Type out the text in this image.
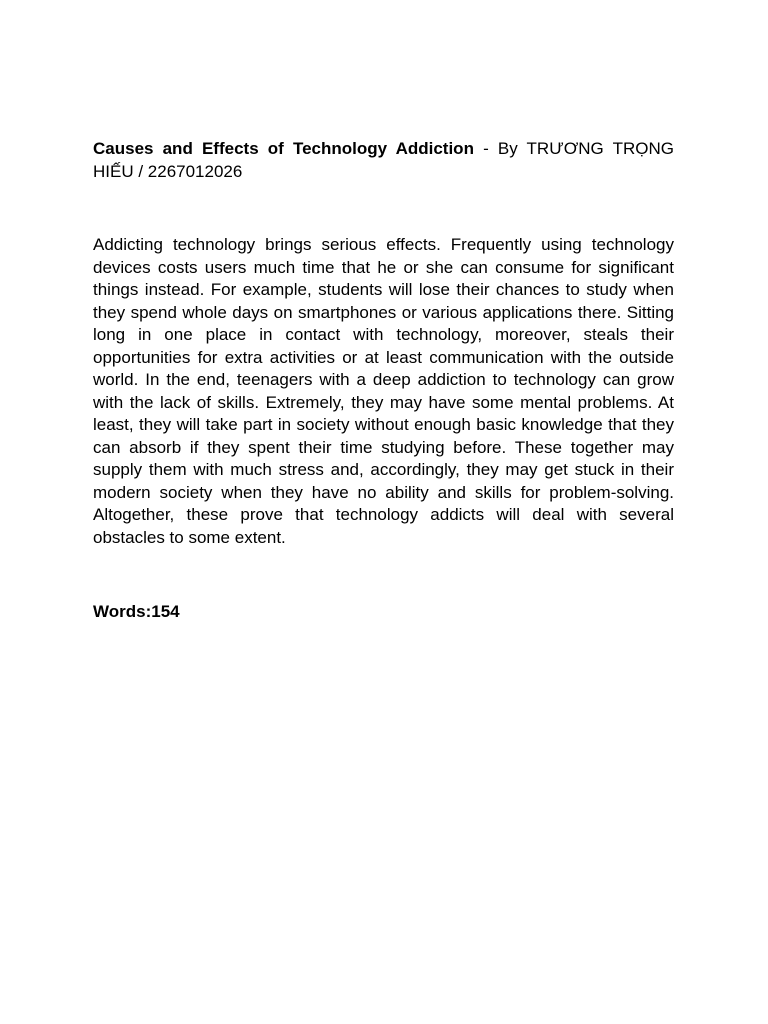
Causes and Effects of Technology Addiction - By TRƯƠNG TRỌNG HIẾU / 2267012026

Addicting technology brings serious effects. Frequently using technology devices costs users much time that he or she can consume for significant things instead. For example, students will lose their chances to study when they spend whole days on smartphones or various applications there. Sitting long in one place in contact with technology, moreover, steals their opportunities for extra activities or at least communication with the outside world. In the end, teenagers with a deep addiction to technology can grow with the lack of skills. Extremely, they may have some mental problems. At least, they will take part in society without enough basic knowledge that they can absorb if they spent their time studying before. These together may supply them with much stress and, accordingly, they may get stuck in their modern society when they have no ability and skills for problem-solving. Altogether, these prove that technology addicts will deal with several obstacles to some extent.

Words:154
